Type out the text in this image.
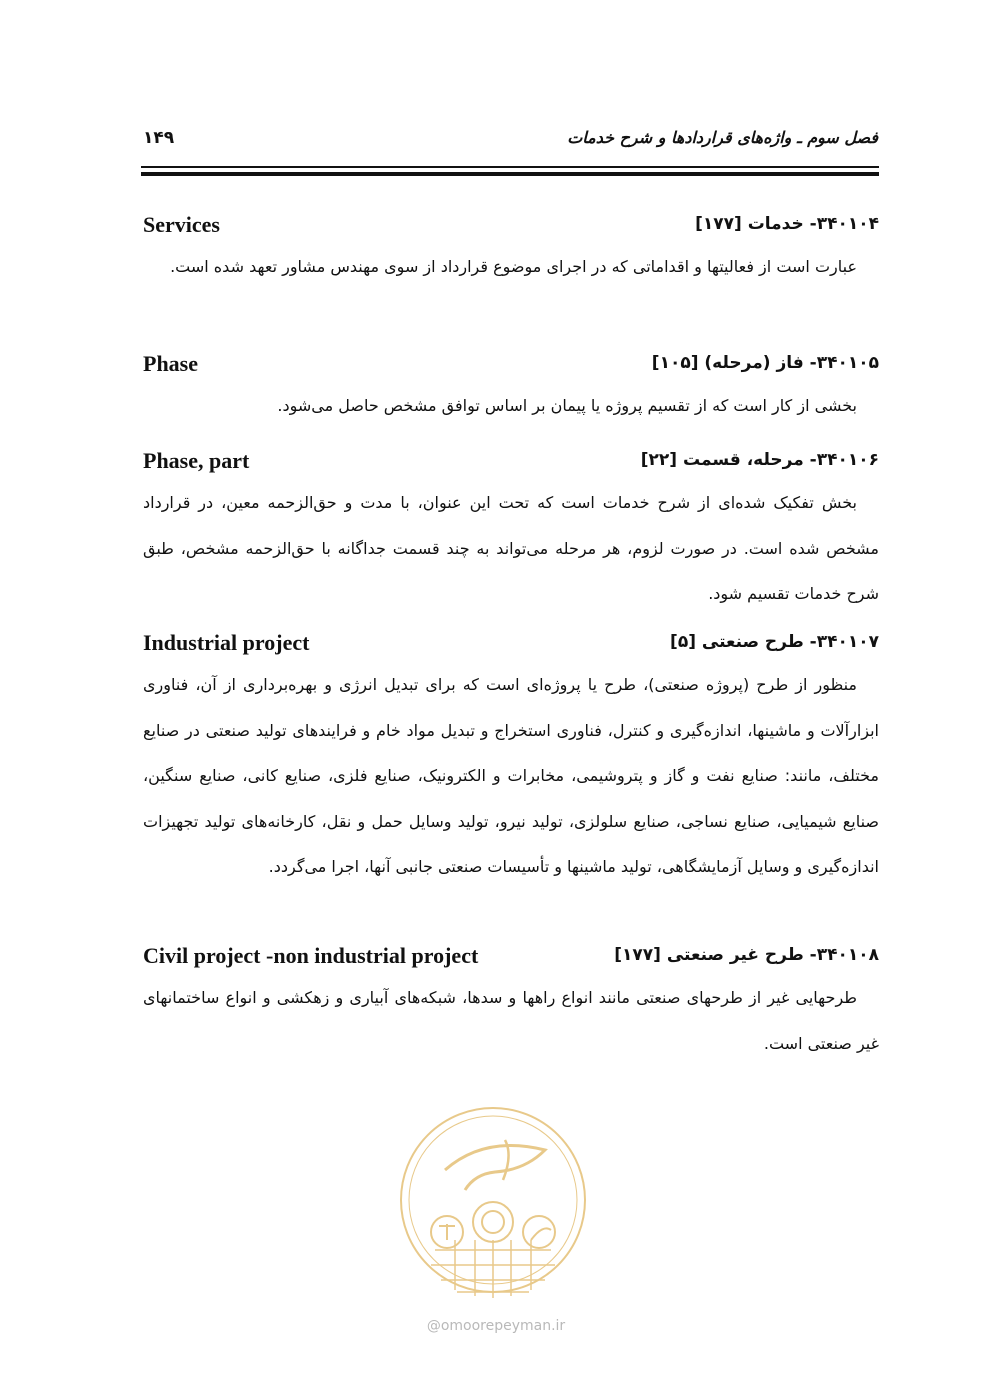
فصل سوم ـ واژه‌های قراردادها و شرح خدمات
۱۴۹
۳۴۰۱۰۴- خدمات [۱۷۷]
Services

عبارت است از فعالیتها و اقداماتی که در اجرای موضوع قرارداد از سوی مهندس مشاور تعهد شده است.

۳۴۰۱۰۵- فاز (مرحله) [۱۰۵]
Phase

بخشی از کار است که از تقسیم پروژه یا پیمان بر اساس توافق مشخص حاصل می‌شود.

۳۴۰۱۰۶- مرحله، قسمت [۲۲]
Phase, part

بخش تفکیک شده‌ای از شرح خدمات است که تحت این عنوان، با مدت و حق‌الزحمه معین، در قرارداد مشخص شده است. در صورت لزوم، هر مرحله می‌تواند به چند قسمت جداگانه با حق‌الزحمه مشخص، طبق شرح خدمات تقسیم شود.

۳۴۰۱۰۷- طرح صنعتی [۵]
Industrial project

منظور از طرح (پروژه صنعتی)، طرح یا پروژه‌ای است که برای تبدیل انرژی و بهره‌برداری از آن، فناوری ابزارآلات و ماشینها، اندازه‌گیری و کنترل، فناوری استخراج و تبدیل مواد خام و فرایندهای تولید صنعتی در صنایع مختلف، مانند: صنایع نفت و گاز و پتروشیمی، مخابرات و الکترونیک، صنایع فلزی، صنایع کانی، صنایع سنگین، صنایع شیمیایی، صنایع نساجی، صنایع سلولزی، تولید نیرو، تولید وسایل حمل و نقل، کارخانه‌های تولید تجهیزات اندازه‌گیری و وسایل آزمایشگاهی، تولید ماشینها و تأسیسات صنعتی جانبی آنها، اجرا می‌گردد.

۳۴۰۱۰۸- طرح غیر صنعتی [۱۷۷]
Civil project -non industrial project

طرحهایی غیر از طرحهای صنعتی مانند انواع راهها و سدها، شبکه‌های آبیاری و زهکشی و انواع ساختمانهای غیر صنعتی است.

@omoorepeyman.ir
